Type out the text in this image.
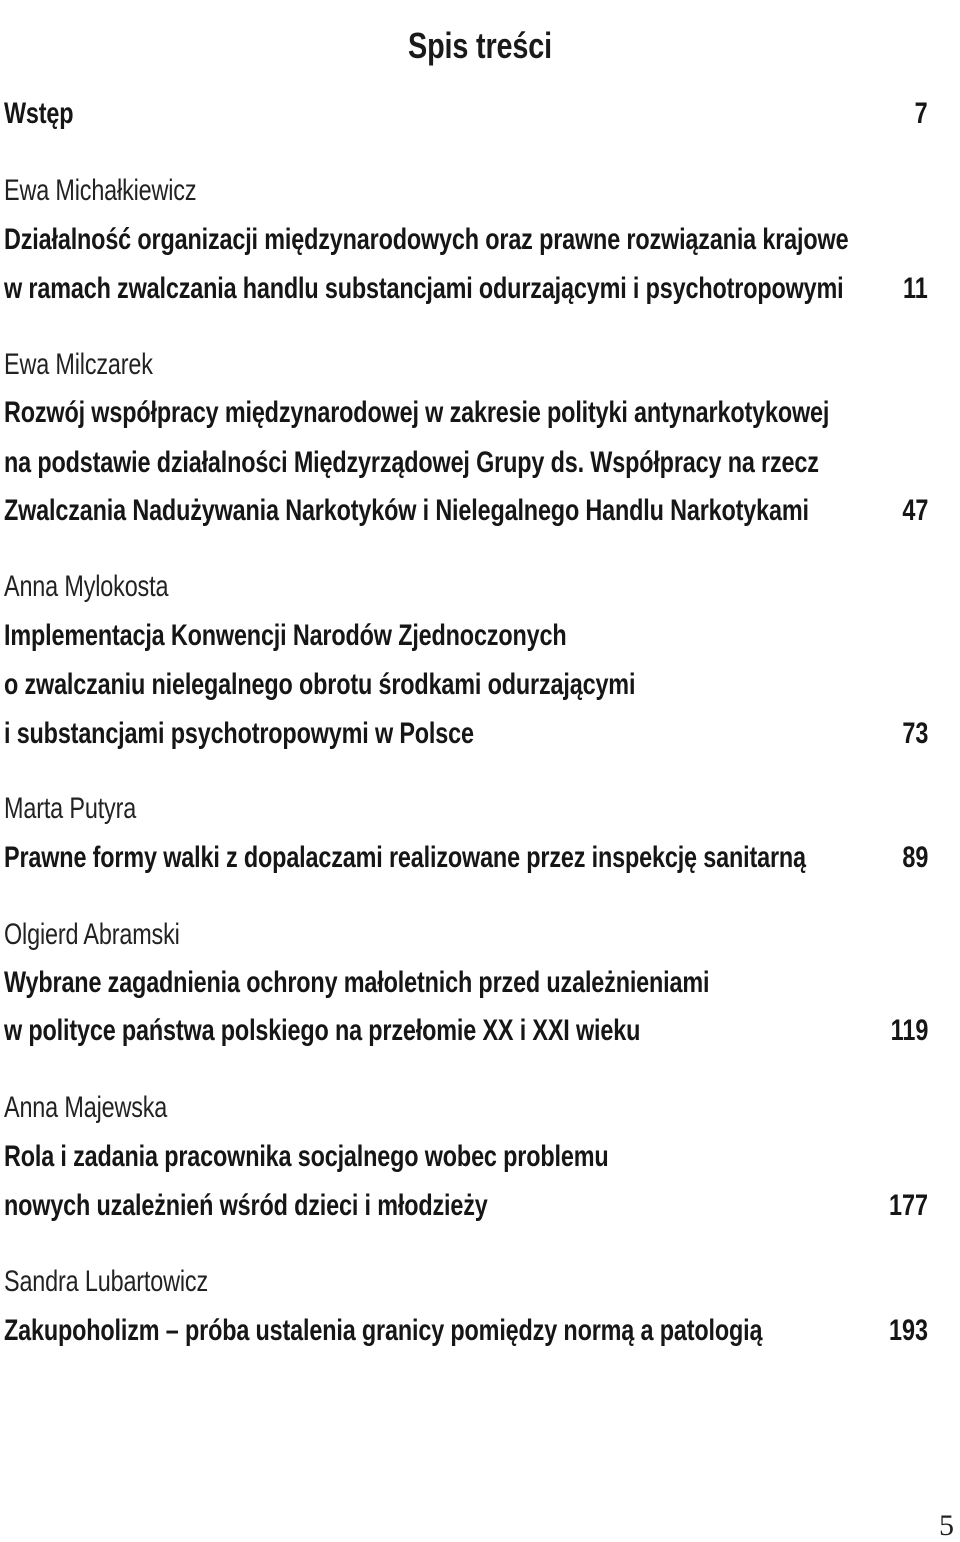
Spis treści
Wstęp	7
Ewa Michałkiewicz
Działalność organizacji międzynarodowych oraz prawne rozwiązania krajowe
w ramach zwalczania handlu substancjami odurzającymi i psychotropowymi 11
Ewa Milczarek
Rozwój współpracy międzynarodowej w zakresie polityki antynarkotykowej
na podstawie działalności Międzyrządowej Grupy ds. Współpracy na rzecz
Zwalczania Nadużywania Narkotyków i Nielegalnego Handlu Narkotykami	47
Anna Mylokosta
Implementacja Konwencji Narodów Zjednoczonych
o zwalczaniu nielegalnego obrotu środkami odurzającymi
i substancjami psychotropowymi w Polsce	73
Marta Putyra
Prawne formy walki z dopalaczami realizowane przez inspekcję sanitarną	89
Olgierd Abramski
Wybrane zagadnienia ochrony małoletnich przed uzależnieniami
w polityce państwa polskiego na przełomie XX i XXI wieku	119
Anna Majewska
Rola i zadania pracownika socjalnego wobec problemu
nowych uzależnień wśród dzieci i młodzieży	177
Sandra Lubartowicz
Zakupoholizm – próba ustalenia granicy pomiędzy normą a patologią	193
5
